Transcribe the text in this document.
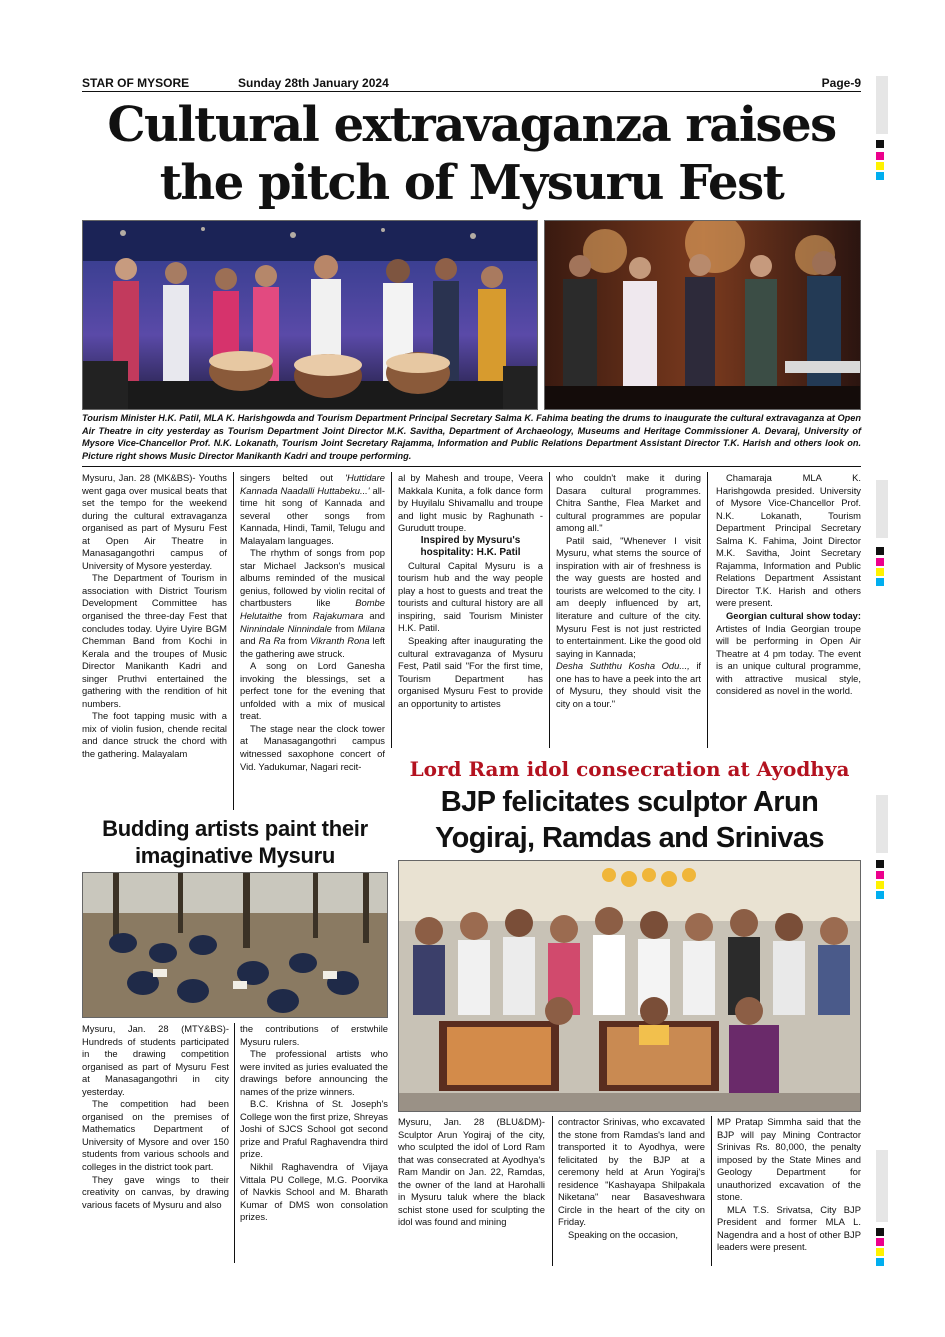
STAR OF MYSORE	Sunday 28th January 2024	Page-9
Cultural extravaganza raises
the pitch of Mysuru Fest
Tourism Minister H.K. Patil, MLA K. Harishgowda and Tourism Department Principal Secretary Salma K. Fahima beating the drums to inaugurate the cultural extravaganza at Open Air Theatre in city yesterday as Tourism Department Joint Director M.K. Savitha, Department of Archaeology, Museums and Heritage Commissioner A. Devaraj, University of Mysore Vice-Chancellor Prof. N.K. Lokanath, Tourism Joint Secretary Rajamma, Information and Public Relations Department Assistant Director T.K. Harish and others look on. Picture right shows Music Director Manikanth Kadri and troupe performing.

Mysuru, Jan. 28 (MK&BS)- Youths went gaga over musical beats that set the tempo for the weekend during the cultural extravaganza organised as part of Mysuru Fest at Open Air Theatre in Manasagangothri campus of University of Mysore yesterday.

The Department of Tourism in association with District Tourism Development Committee has organised the three-day Fest that concludes today. Uyire Uyire BGM Chemman Band from Kochi in Kerala and the troupes of Music Director Manikanth Kadri and singer Pruthvi entertained the gathering with the rendition of hit numbers.

The foot tapping music with a mix of violin fusion, chende recital and dance struck the chord with the gathering. Malayalam

singers belted out 'Huttidare Kannada Naadalli Huttabeku...' all-time hit song of Kannada and several other songs from Kannada, Hindi, Tamil, Telugu and Malayalam languages.

The rhythm of songs from pop star Michael Jackson's musical albums reminded of the musical genius, followed by violin recital of chartbusters like	Bombe Helutaithe from Rajakumara and Ninnindale Ninnindale from Milana and Ra Ra from Vikranth Rona left the gathering awe struck.

A song on Lord Ganesha invoking the blessings, set a perfect tone for the evening that unfolded with a mix of musical treat.

The stage near the clock tower at Manasagangothri campus witnessed saxophone concert of Vid. Yadukumar, Nagari recit-

al by Mahesh and troupe, Veera Makkala Kunita, a folk dance form by Huyilalu Shivamallu and troupe and light music by Raghunath - Gurudutt troupe.

Inspired by Mysuru's hospitality: H.K. Patil

Cultural Capital Mysuru is a tourism hub and the way people play a host to guests and treat the tourists and cultural history are all inspiring, said Tourism Minister H.K. Patil.

Speaking after inaugurating the cultural extravaganza of Mysuru Fest, Patil said "For the first time, Tourism Department has organised Mysuru Fest to provide an opportunity to artistes

who couldn't make it during Dasara cultural programmes. Chitra Santhe, Flea Market and cultural programmes are popular among all."

Patil said, "Whenever I visit Mysuru, what stems the source of inspiration with air of freshness is the way guests are hosted and tourists are welcomed to the city. I am deeply influenced by art, literature and culture of the city. Mysuru Fest is not just restricted to entertainment. Like the good old saying in Kannada;

Desha Suththu Kosha Odu..., if one has to have a peek into the art of Mysuru, they should visit the city on a tour."

Chamaraja MLA K. Harishgowda presided. University of Mysore Vice-Chancellor Prof. N.K. Lokanath, Tourism Department Principal Secretary Salma K. Fahima, Joint Director M.K. Savitha, Joint Secretary Rajamma, Information and Public Relations Department Assistant Director T.K. Harish and others were present.

Georgian cultural show today: Artistes of India Georgian troupe will be performing in Open Air Theatre at 4 pm today. The event is an unique cultural programme, with attractive musical style, considered as novel in the world.

Lord Ram idol consecration at Ayodhya
BJP felicitates sculptor Arun
Yogiraj, Ramdas and Srinivas

Mysuru, Jan. 28 (BLU&DM)- Sculptor Arun Yogiraj of the city, who sculpted the idol of Lord Ram that was consecrated at Ayodhya's Ram Mandir on Jan. 22, Ramdas, the owner of the land at Harohalli in Mysuru taluk where the black schist stone used for sculpting the idol was found and mining

contractor Srinivas, who excavated the stone from Ramdas's land and transported it to Ayodhya, were felicitated by the BJP at a ceremony held at Arun Yogiraj's residence "Kashayapa Shilpakala Niketana" near Basaveshwara Circle in the heart of the city on Friday.

Speaking on the occasion,

MP Pratap Simmha said that the BJP will pay Mining Contractor Srinivas Rs. 80,000, the penalty imposed by the State Mines and Geology Department for unauthorized excavation of the stone.

MLA T.S. Srivatsa, City BJP President and former MLA L. Nagendra and a host of other BJP leaders were present.

Budding artists paint their
imaginative Mysuru

Mysuru, Jan. 28 (MTY&BS)- Hundreds of students participated in the drawing competition organised as part of Mysuru Fest at Manasagangothri in city yesterday.

The competition had been organised on the premises of Mathematics Department of University of Mysore and over 150 students from various schools and colleges in the district took part.

They gave wings to their creativity on canvas, by drawing various facets of Mysuru and also

the contributions of erstwhile Mysuru rulers.

The professional artists who were invited as juries evaluated the drawings before announcing the names of the prize winners.

B.C. Krishna of St. Joseph's College won the first prize, Shreyas Joshi of SJCS School got second prize and Praful Raghavendra third prize.

Nikhil Raghavendra of Vijaya Vittala PU College, M.G. Poorvika of Navkis School and M. Bharath Kumar of DMS won consolation prizes.
